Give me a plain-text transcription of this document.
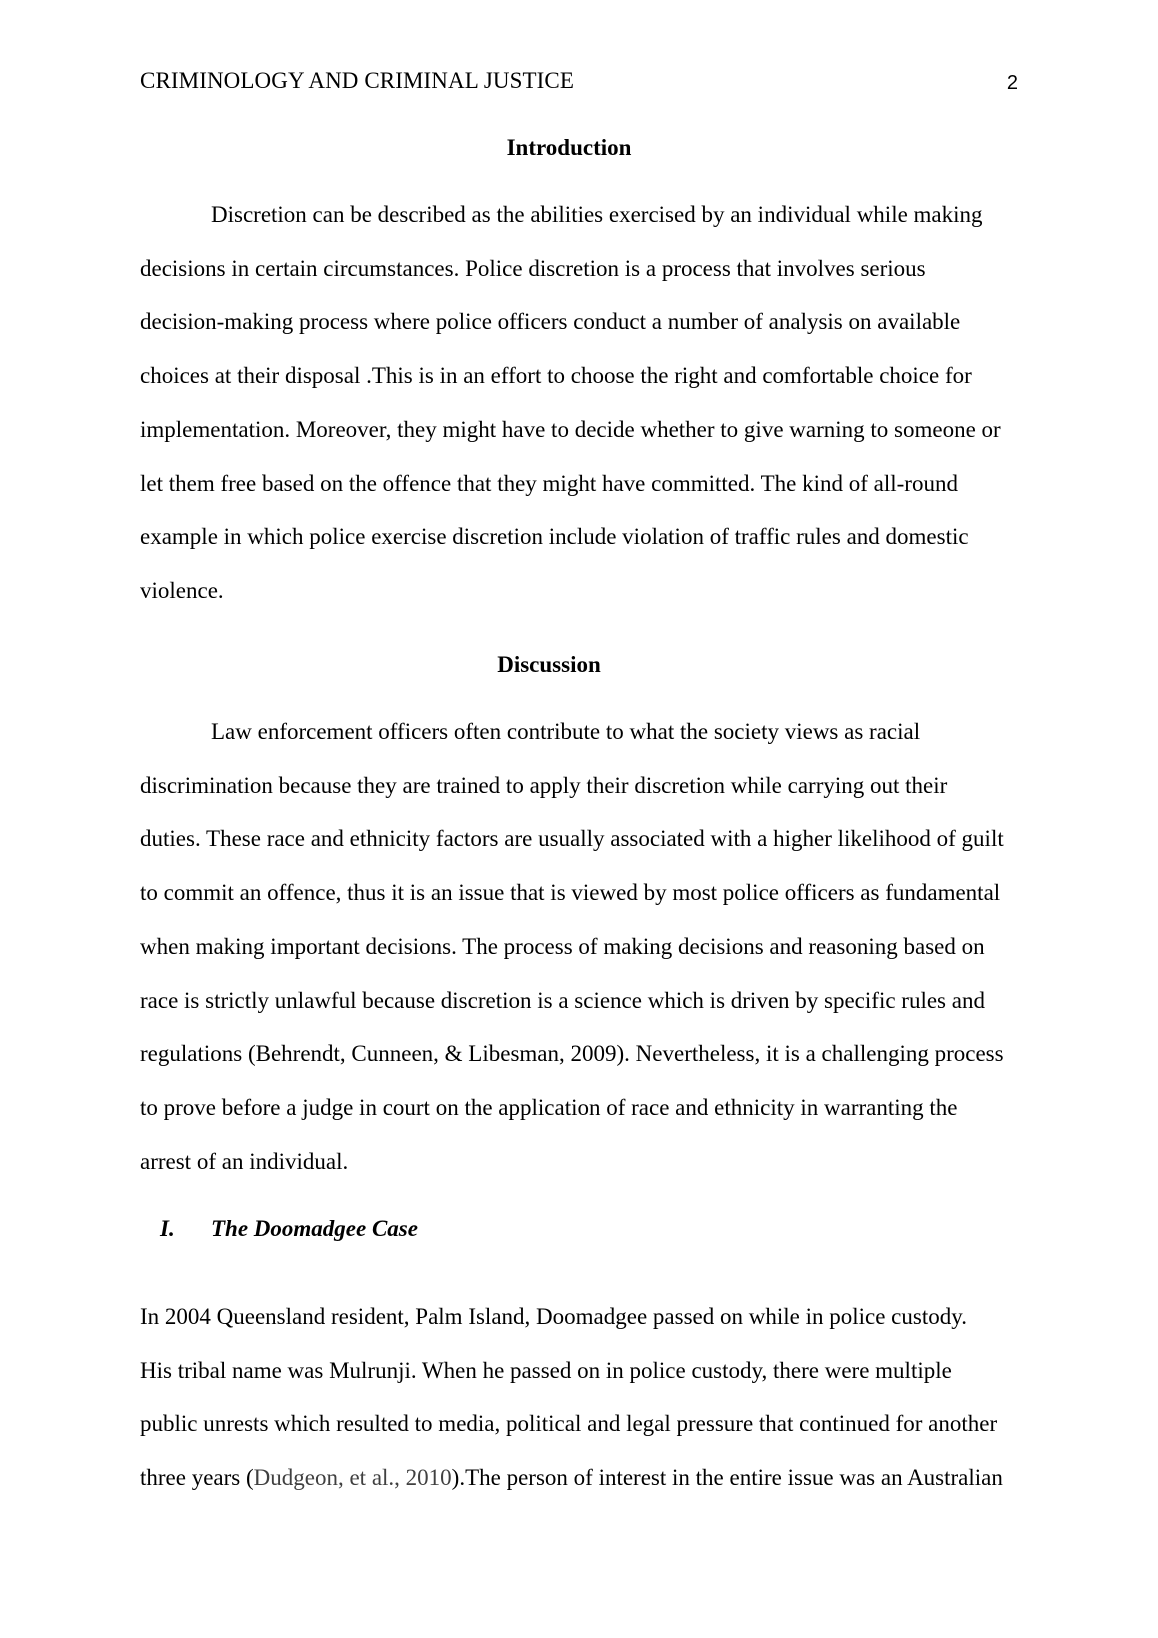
CRIMINOLOGY AND CRIMINAL JUSTICE	2
Introduction

Discretion can be described as the abilities exercised by an individual while making
decisions in certain circumstances. Police discretion is a process that involves serious
decision-making process where police officers conduct a number of analysis on available
choices at their disposal .This is in an effort to choose the right and comfortable choice for
implementation. Moreover, they might have to decide whether to give warning to someone or
let them free based on the offence that they might have committed. The kind of all-round
example in which police exercise discretion include violation of traffic rules and domestic
violence.

Discussion

Law enforcement officers often contribute to what the society views as racial
discrimination because they are trained to apply their discretion while carrying out their
duties. These race and ethnicity factors are usually associated with a higher likelihood of guilt
to commit an offence, thus it is an issue that is viewed by most police officers as fundamental
when making important decisions. The process of making decisions and reasoning based on
race is strictly unlawful because discretion is a science which is driven by specific rules and
regulations (Behrendt, Cunneen, & Libesman, 2009). Nevertheless, it is a challenging process
to prove before a judge in court on the application of race and ethnicity in warranting the
arrest of an individual.

I. The Doomadgee Case

In 2004 Queensland resident, Palm Island, Doomadgee passed on while in police custody.
His tribal name was Mulrunji. When he passed on in police custody, there were multiple
public unrests which resulted to media, political and legal pressure that continued for another
three years (Dudgeon, et al., 2010).The person of interest in the entire issue was an Australian
